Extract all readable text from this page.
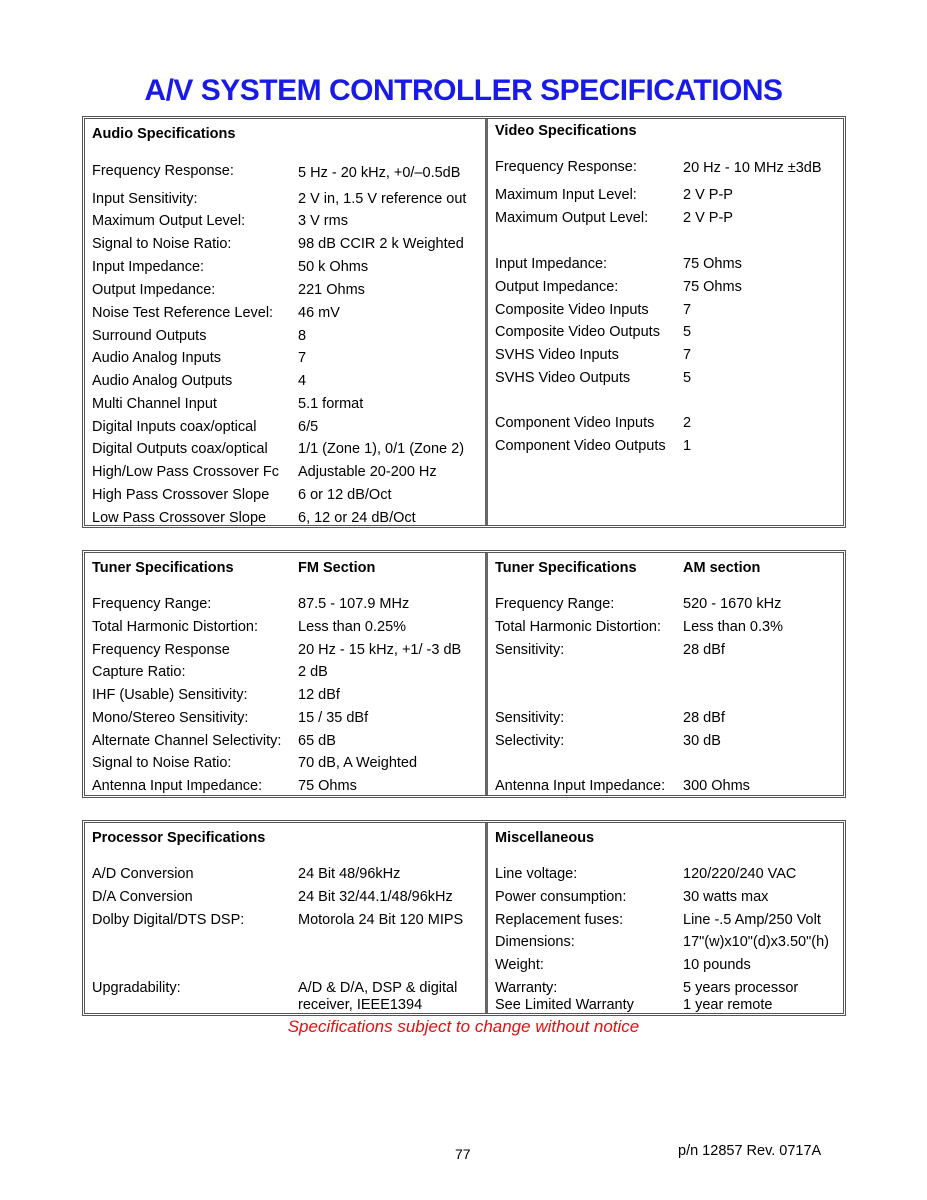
A/V SYSTEM CONTROLLER SPECIFICATIONS
Audio Specifications
Frequency Response:	5 Hz - 20 kHz, +0/–0.5dB
Input Sensitivity:	2 V in, 1.5 V reference out
Maximum Output Level:	3 V rms
Signal to Noise Ratio:	98 dB CCIR 2 k Weighted
Input Impedance:	50 k Ohms
Output Impedance:	221 Ohms
Noise Test Reference Level: 46 mV
Surround Outputs	8
Audio Analog Inputs	7
Audio Analog Outputs	4
Multi Channel Input	5.1 format
Digital Inputs coax/optical	6/5
Digital Outputs coax/optical 1/1 (Zone 1), 0/1 (Zone 2)
High/Low Pass Crossover Fc Adjustable 20-200 Hz
High Pass Crossover Slope 6 or 12 dB/Oct
Low Pass Crossover Slope 6, 12 or 24 dB/Oct
Video Specifications
Frequency Response:	20 Hz - 10 MHz ±3dB
Maximum Input Level:	2 V P-P
Maximum Output Level: 2 V P-P
Input Impedance:	75 Ohms
Output Impedance:	75 Ohms
Composite Video Inputs 7
Composite Video Outputs 5
SVHS Video Inputs	7
SVHS Video Outputs	5
Component Video Inputs 2
Component Video Outputs 1
Tuner Specifications	FM Section
Frequency Range:	87.5 - 107.9 MHz
Total Harmonic Distortion:	Less than 0.25%
Frequency Response	20 Hz - 15 kHz, +1/ -3 dB
Capture Ratio:	2 dB
IHF (Usable) Sensitivity:	12 dBf
Mono/Stereo Sensitivity:	15 / 35 dBf
Alternate Channel Selectivity: 65 dB
Signal to Noise Ratio:	70 dB, A Weighted
Antenna Input Impedance: 75 Ohms
Tuner Specifications	AM section
Frequency Range:	520 - 1670 kHz
Total Harmonic Distortion: Less than 0.3%
Sensitivity:	28 dBf
Sensitivity:	28 dBf
Selectivity:	30 dB
Antenna Input Impedance: 300 Ohms
Processor Specifications
A/D Conversion	24 Bit 48/96kHz
D/A Conversion	24 Bit 32/44.1/48/96kHz
Dolby Digital/DTS DSP:	Motorola 24 Bit 120 MIPS
Upgradability:	A/D & D/A, DSP & digital
receiver, IEEE1394
Miscellaneous
Line voltage:	120/220/240 VAC
Power consumption:	30 watts max
Replacement fuses:	Line -.5 Amp/250 Volt
Dimensions:	17"(w)x10"(d)x3.50"(h)
Weight:	10 pounds
Warranty:	5 years processor
See Limited Warranty	1 year remote
Specifications subject to change without notice
77	p/n 12857 Rev. 0717A
